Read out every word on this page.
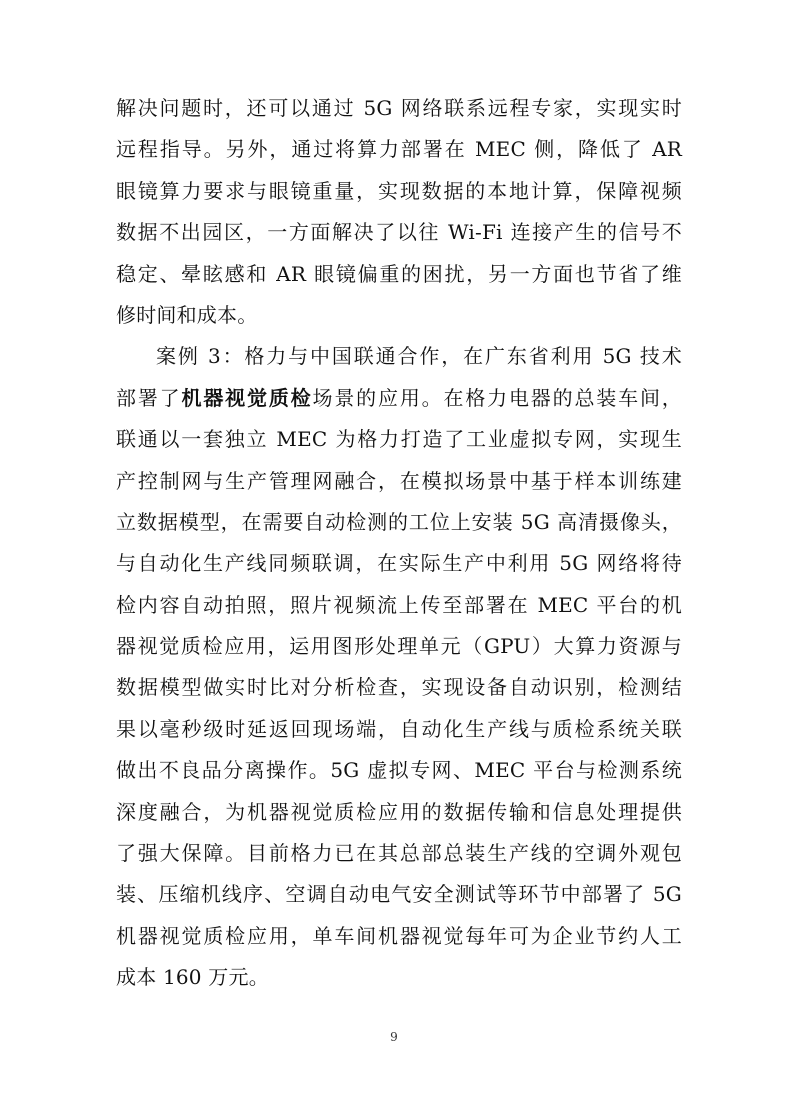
解决问题时，还可以通过 5G 网络联系远程专家，实现实时
远程指导。另外，通过将算力部署在 MEC 侧，降低了 AR
眼镜算力要求与眼镜重量，实现数据的本地计算，保障视频
数据不出园区，一方面解决了以往 Wi-Fi 连接产生的信号不
稳定、晕眩感和 AR 眼镜偏重的困扰，另一方面也节省了维
修时间和成本。
案例 3：格力与中国联通合作，在广东省利用 5G 技术
部署了机器视觉质检场景的应用。在格力电器的总装车间，
联通以一套独立 MEC 为格力打造了工业虚拟专网，实现生
产控制网与生产管理网融合，在模拟场景中基于样本训练建
立数据模型，在需要自动检测的工位上安装 5G 高清摄像头，
与自动化生产线同频联调，在实际生产中利用 5G 网络将待
检内容自动拍照，照片视频流上传至部署在 MEC 平台的机
器视觉质检应用，运用图形处理单元（GPU）大算力资源与
数据模型做实时比对分析检查，实现设备自动识别，检测结
果以毫秒级时延返回现场端，自动化生产线与质检系统关联
做出不良品分离操作。5G 虚拟专网、MEC 平台与检测系统
深度融合，为机器视觉质检应用的数据传输和信息处理提供
了强大保障。目前格力已在其总部总装生产线的空调外观包
装、压缩机线序、空调自动电气安全测试等环节中部署了 5G
机器视觉质检应用，单车间机器视觉每年可为企业节约人工
成本 160 万元。
9
